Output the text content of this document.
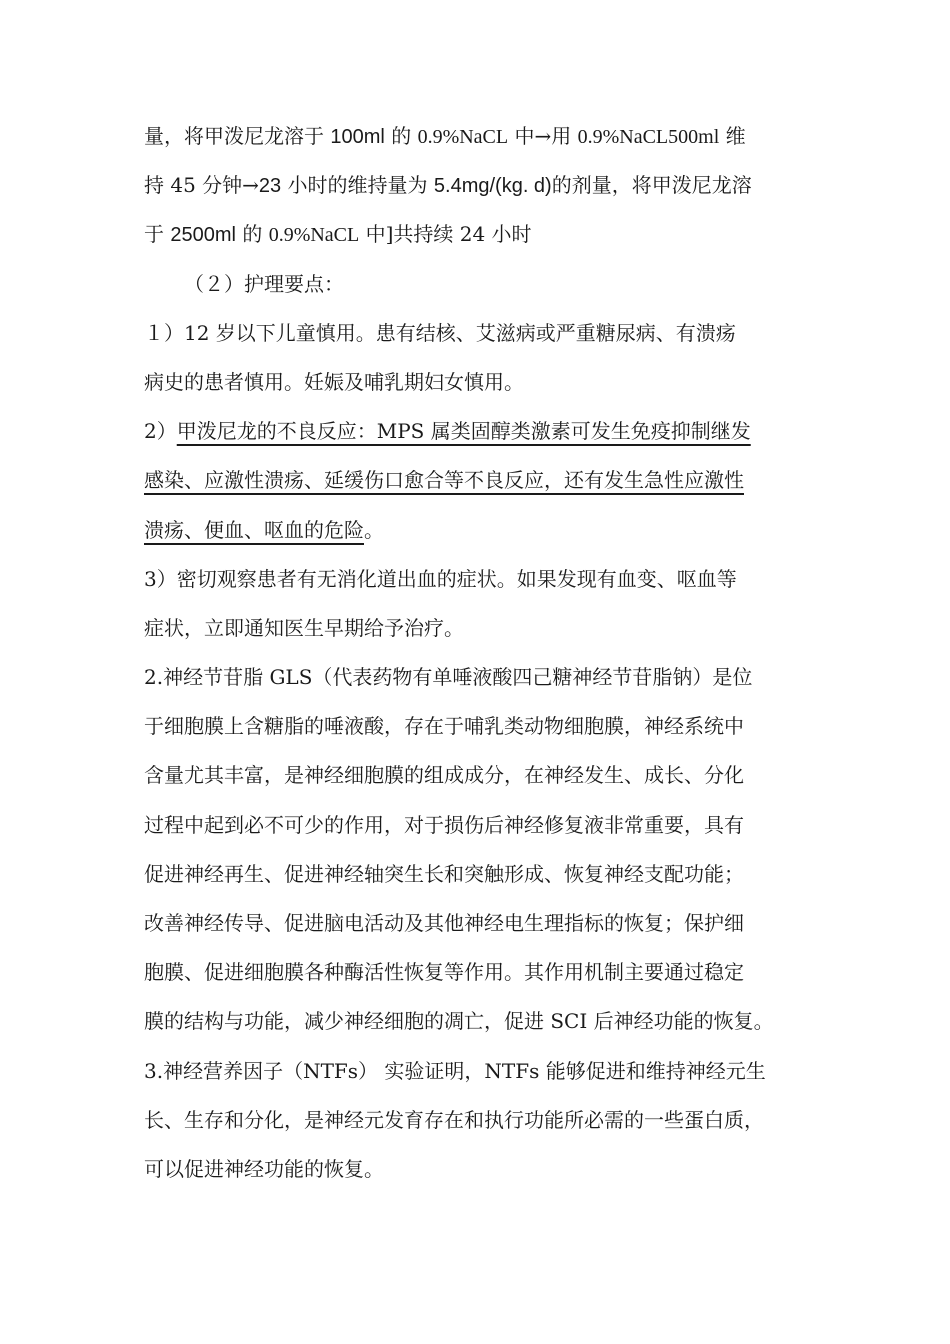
量，将甲泼尼龙溶于 100ml 的 0.9%NaCL 中→用 0.9%NaCL500ml 维
持 45 分钟→23 小时的维持量为 5.4mg/(kg. d)的剂量，将甲泼尼龙溶
于 2500ml 的 0.9%NaCL 中]共持续 24 小时
（２）护理要点：
１）12 岁以下儿童慎用。患有结核、艾滋病或严重糖尿病、有溃疡
病史的患者慎用。妊娠及哺乳期妇女慎用。
2）甲泼尼龙的不良反应：MPS 属类固醇类激素可发生免疫抑制继发
感染、应激性溃疡、延缓伤口愈合等不良反应，还有发生急性应激性
溃疡、便血、呕血的危险。
3）密切观察患者有无消化道出血的症状。如果发现有血变、呕血等
症状，立即通知医生早期给予治疗。
2.神经节苷脂 GLS（代表药物有单唾液酸四己糖神经节苷脂钠）是位
于细胞膜上含糖脂的唾液酸，存在于哺乳类动物细胞膜，神经系统中
含量尤其丰富，是神经细胞膜的组成成分，在神经发生、成长、分化
过程中起到必不可少的作用，对于损伤后神经修复液非常重要，具有
促进神经再生、促进神经轴突生长和突触形成、恢复神经支配功能；
改善神经传导、促进脑电活动及其他神经电生理指标的恢复；保护细
胞膜、促进细胞膜各种酶活性恢复等作用。其作用机制主要通过稳定
膜的结构与功能，减少神经细胞的凋亡，促进 SCI 后神经功能的恢复。
3.神经营养因子（NTFs） 实验证明，NTFs 能够促进和维持神经元生
长、生存和分化，是神经元发育存在和执行功能所必需的一些蛋白质，
可以促进神经功能的恢复。
